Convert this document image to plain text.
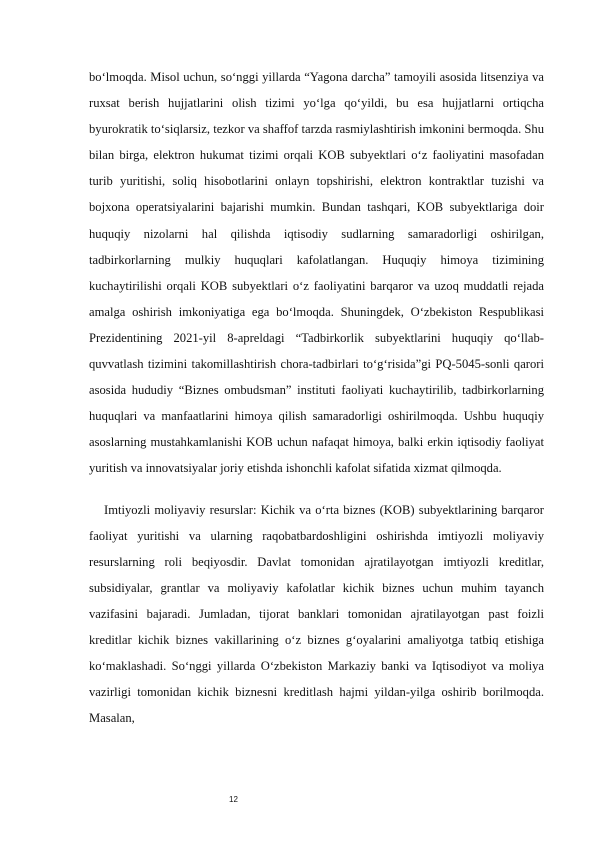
bo‘lmoqda. Misol uchun, so‘nggi yillarda “Yagona darcha” tamoyili asosida litsenziya va ruxsat berish hujjatlarini olish tizimi yo‘lga qo‘yildi, bu esa hujjatlarni ortiqcha byurokratik to‘siqlarsiz, tezkor va shaffof tarzda rasmiylashtirish imkonini bermoqda. Shu bilan birga, elektron hukumat tizimi orqali KOB subyektlari o‘z faoliyatini masofadan turib yuritishi, soliq hisobotlarini onlayn topshirishi, elektron kontraktlar tuzishi va bojxona operatsiyalarini bajarishi mumkin. Bundan tashqari, KOB subyektlariga doir huquqiy nizolarni hal qilishda iqtisodiy sudlarning samaradorligi oshirilgan, tadbirkorlarning mulkiy huquqlari kafolatlangan. Huquqiy himoya tizimining kuchaytirilishi orqali KOB subyektlari o‘z faoliyatini barqaror va uzoq muddatli rejada amalga oshirish imkoniyatiga ega bo‘lmoqda. Shuningdek, O‘zbekiston Respublikasi Prezidentining 2021-yil 8-apreldagi “Tadbirkorlik subyektlarini huquqiy qo‘llab-quvvatlash tizimini takomillashtirish chora-tadbirlari to‘g‘risida”gi PQ-5045-sonli qarori asosida hududiy “Biznes ombudsman” instituti faoliyati kuchaytirilib, tadbirkorlarning huquqlari va manfaatlarini himoya qilish samaradorligi oshirilmoqda. Ushbu huquqiy asoslarning mustahkamlanishi KOB uchun nafaqat himoya, balki erkin iqtisodiy faoliyat yuritish va innovatsiyalar joriy etishda ishonchli kafolat sifatida xizmat qilmoqda.

Imtiyozli moliyaviy resurslar: Kichik va o‘rta biznes (KOB) subyektlarining barqaror faoliyat yuritishi va ularning raqobatbardoshligini oshirishda imtiyozli moliyaviy resurslarning roli beqiyosdir. Davlat tomonidan ajratilayotgan imtiyozli kreditlar, subsidiyalar, grantlar va moliyaviy kafolatlar kichik biznes uchun muhim tayanch vazifasini bajaradi. Jumladan, tijorat banklari tomonidan ajratilayotgan past foizli kreditlar kichik biznes vakillarining o‘z biznes g‘oyalarini amaliyotga tatbiq etishiga ko‘maklashadi. So‘nggi yillarda O‘zbekiston Markaziy banki va Iqtisodiyot va moliya vazirligi tomonidan kichik biznesni kreditlash hajmi yildan-yilga oshirib borilmoqda. Masalan,

12
